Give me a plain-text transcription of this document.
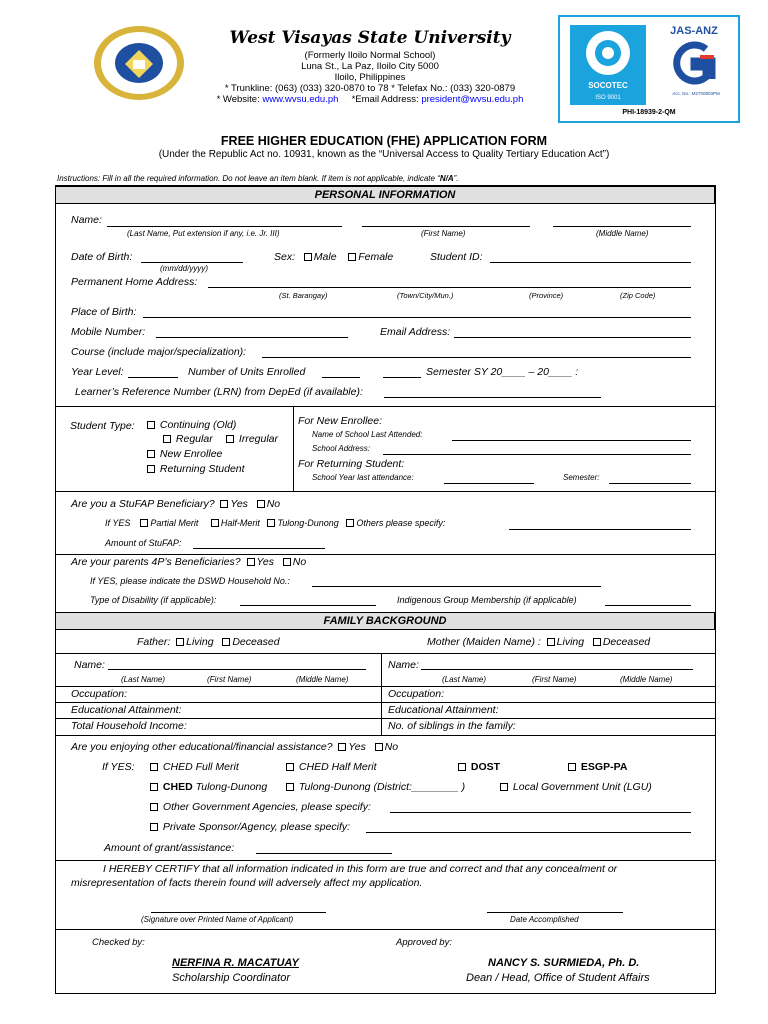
West Visayas State University
(Formerly Iloilo Normal School)
Luna St., La Paz, Iloilo City 5000
Iloilo, Philippines
* Trunkline: (063) (033) 320-0870 to 78 * Telefax No.: (033) 320-0879
* Website: www.wvsu.edu.ph *Email Address: president@wvsu.edu.ph
SOCOTEC
ISO 9001
JAS-ANZ
Acc. No.: M2700803PM
PHI-18939-2-QM
FREE HIGHER EDUCATION (FHE) APPLICATION FORM
(Under the Republic Act no. 10931, known as the “Universal Access to Quality Tertiary Education Act”)
Instructions: Fill in all the required information. Do not leave an item blank. If item is not applicable, indicate “N/A”.
PERSONAL INFORMATION
Name:
(Last Name, Put extension if any, i.e. Jr. III)	(First Name)	(Middle Name)
Date of Birth:
(mm/dd/yyyy)
Sex: Male Female	Student ID:
Permanent Home Address:
(St. Barangay)	(Town/City/Mun.)	(Province)	(Zip Code)
Place of Birth:
Mobile Number:	Email Address:
Course (include major/specialization):
Year Level:	Number of Units Enrolled	Semester SY 20____ – 20____ :
Learner’s Reference Number (LRN) from DepEd (if available):
Student Type:	Continuing (Old)
Regular	Irregular
New Enrollee
Returning Student
For New Enrollee:
Name of School Last Attended:
School Address:
For Returning Student:
School Year last attendance:	Semester:
Are you a StuFAP Beneficiary? Yes No
If YES Partial Merit	Half-Merit Tulong-Dunong Others please specify:
Amount of StuFAP:
Are your parents 4P’s Beneficiaries? Yes No
If YES, please indicate the DSWD Household No.:
Type of Disability (if applicable):	Indigenous Group Membership (if applicable)
FAMILY BACKGROUND
Father: Living Deceased	Mother (Maiden Name) : Living Deceased
Name:
(Last Name)	(First Name)	(Middle Name)
Name:
(Last Name)	(First Name)	(Middle Name)
Occupation:	Occupation:
Educational Attainment:	Educational Attainment:
Total Household Income:	No. of siblings in the family:
Are you enjoying other educational/financial assistance? Yes No
If YES:	CHED Full Merit	CHED Half Merit	DOST	ESGP-PA
CHED Tulong-Dunong	Tulong-Dunong (District:________ )	Local Government Unit (LGU)
Other Government Agencies, please specify:
Private Sponsor/Agency, please specify:
Amount of grant/assistance:
I HEREBY CERTIFY that all information indicated in this form are true and correct and that any concealment or
misrepresentation of facts therein found will adversely affect my application.
(Signature over Printed Name of Applicant)	Date Accomplished
Checked by:	Approved by:
NERFINA R. MACATUAY
Scholarship Coordinator
NANCY S. SURMIEDA, Ph. D.
Dean / Head, Office of Student Affairs
